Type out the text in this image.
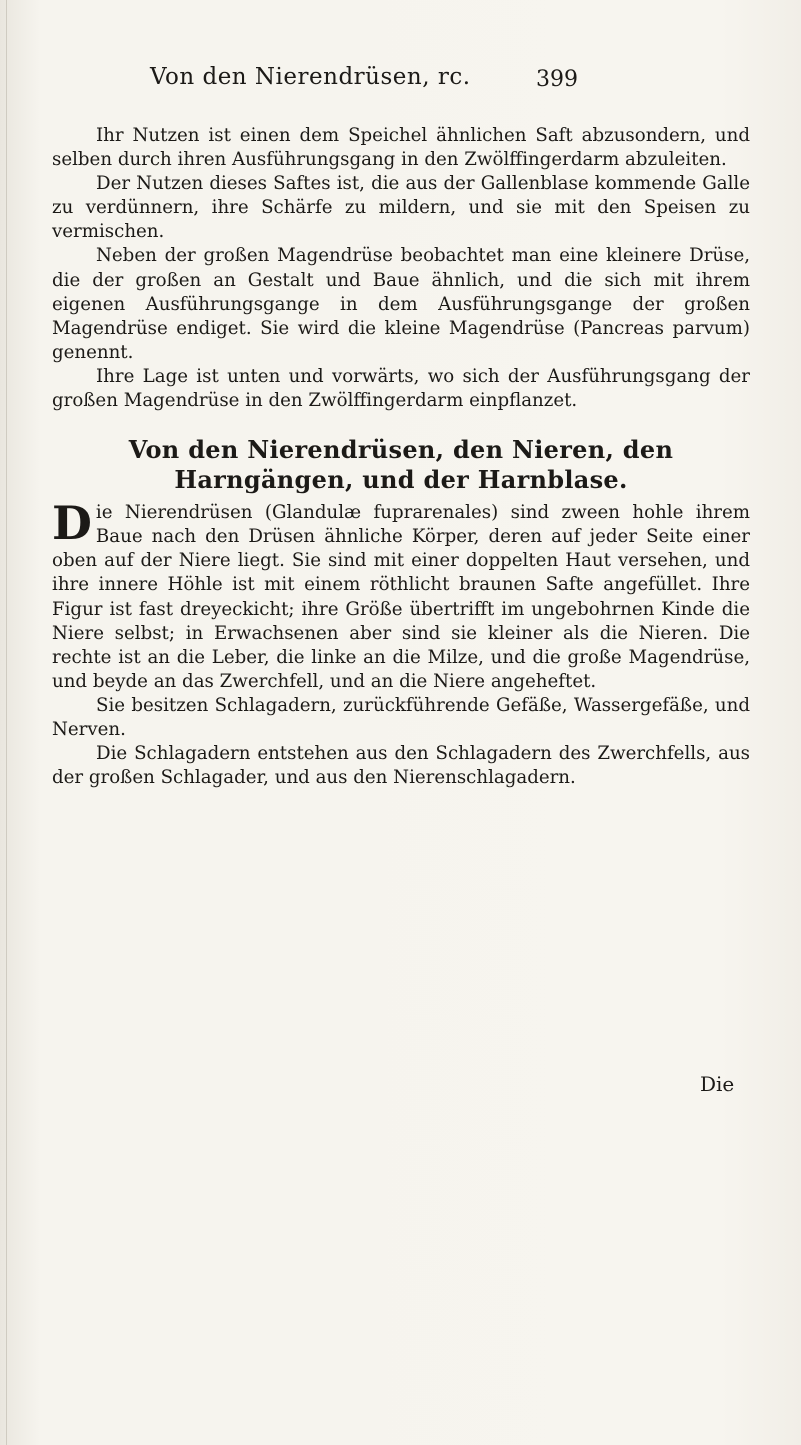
Von den Nierendrüsen, rc.	399

Ihr Nutzen ist einen dem Speichel ähnlichen Saft abzusondern, und selben durch ihren Ausführungsgang in den Zwölffingerdarm abzuleiten.

Der Nutzen dieses Saftes ist, die aus der Gallenblase kommende Galle zu verdünnern, ihre Schärfe zu mildern, und sie mit den Speisen zu vermischen.

Neben der großen Magendrüse beobachtet man eine kleinere Drüse, die der großen an Gestalt und Baue ähnlich, und die sich mit ihrem eigenen Ausführungsgange in dem Ausführungsgange der großen Magendrüse endiget. Sie wird die kleine Magendrüse (Pancreas parvum) genennt.

Ihre Lage ist unten und vorwärts, wo sich der Ausführungsgang der großen Magendrüse in den Zwölffingerdarm einpflanzet.

Von den Nierendrüsen, den Nieren, den
Harngängen, und der Harnblase.

D ie Nierendrüsen (Glandulæ fuprarenales) sind zween hohle ihrem Baue nach den Drüsen ähnliche Körper, deren auf jeder Seite einer oben auf der Niere liegt. Sie sind mit einer doppelten Haut versehen, und ihre innere Höhle ist mit einem röthlicht braunen Safte angefüllet. Ihre Figur ist fast dreyeckicht; ihre Größe übertrifft im ungebohrnen Kinde die Niere selbst; in Erwachsenen aber sind sie kleiner als die Nieren. Die rechte ist an die Leber, die linke an die Milze, und die große Magendrüse, und beyde an das Zwerchfell, und an die Niere angeheftet.

Sie besitzen Schlagadern, zurückführende Gefäße, Wassergefäße, und Nerven.

Die Schlagadern entstehen aus den Schlagadern des Zwerchfells, aus der großen Schlagader, und aus den Nierenschlagadern.

Die
